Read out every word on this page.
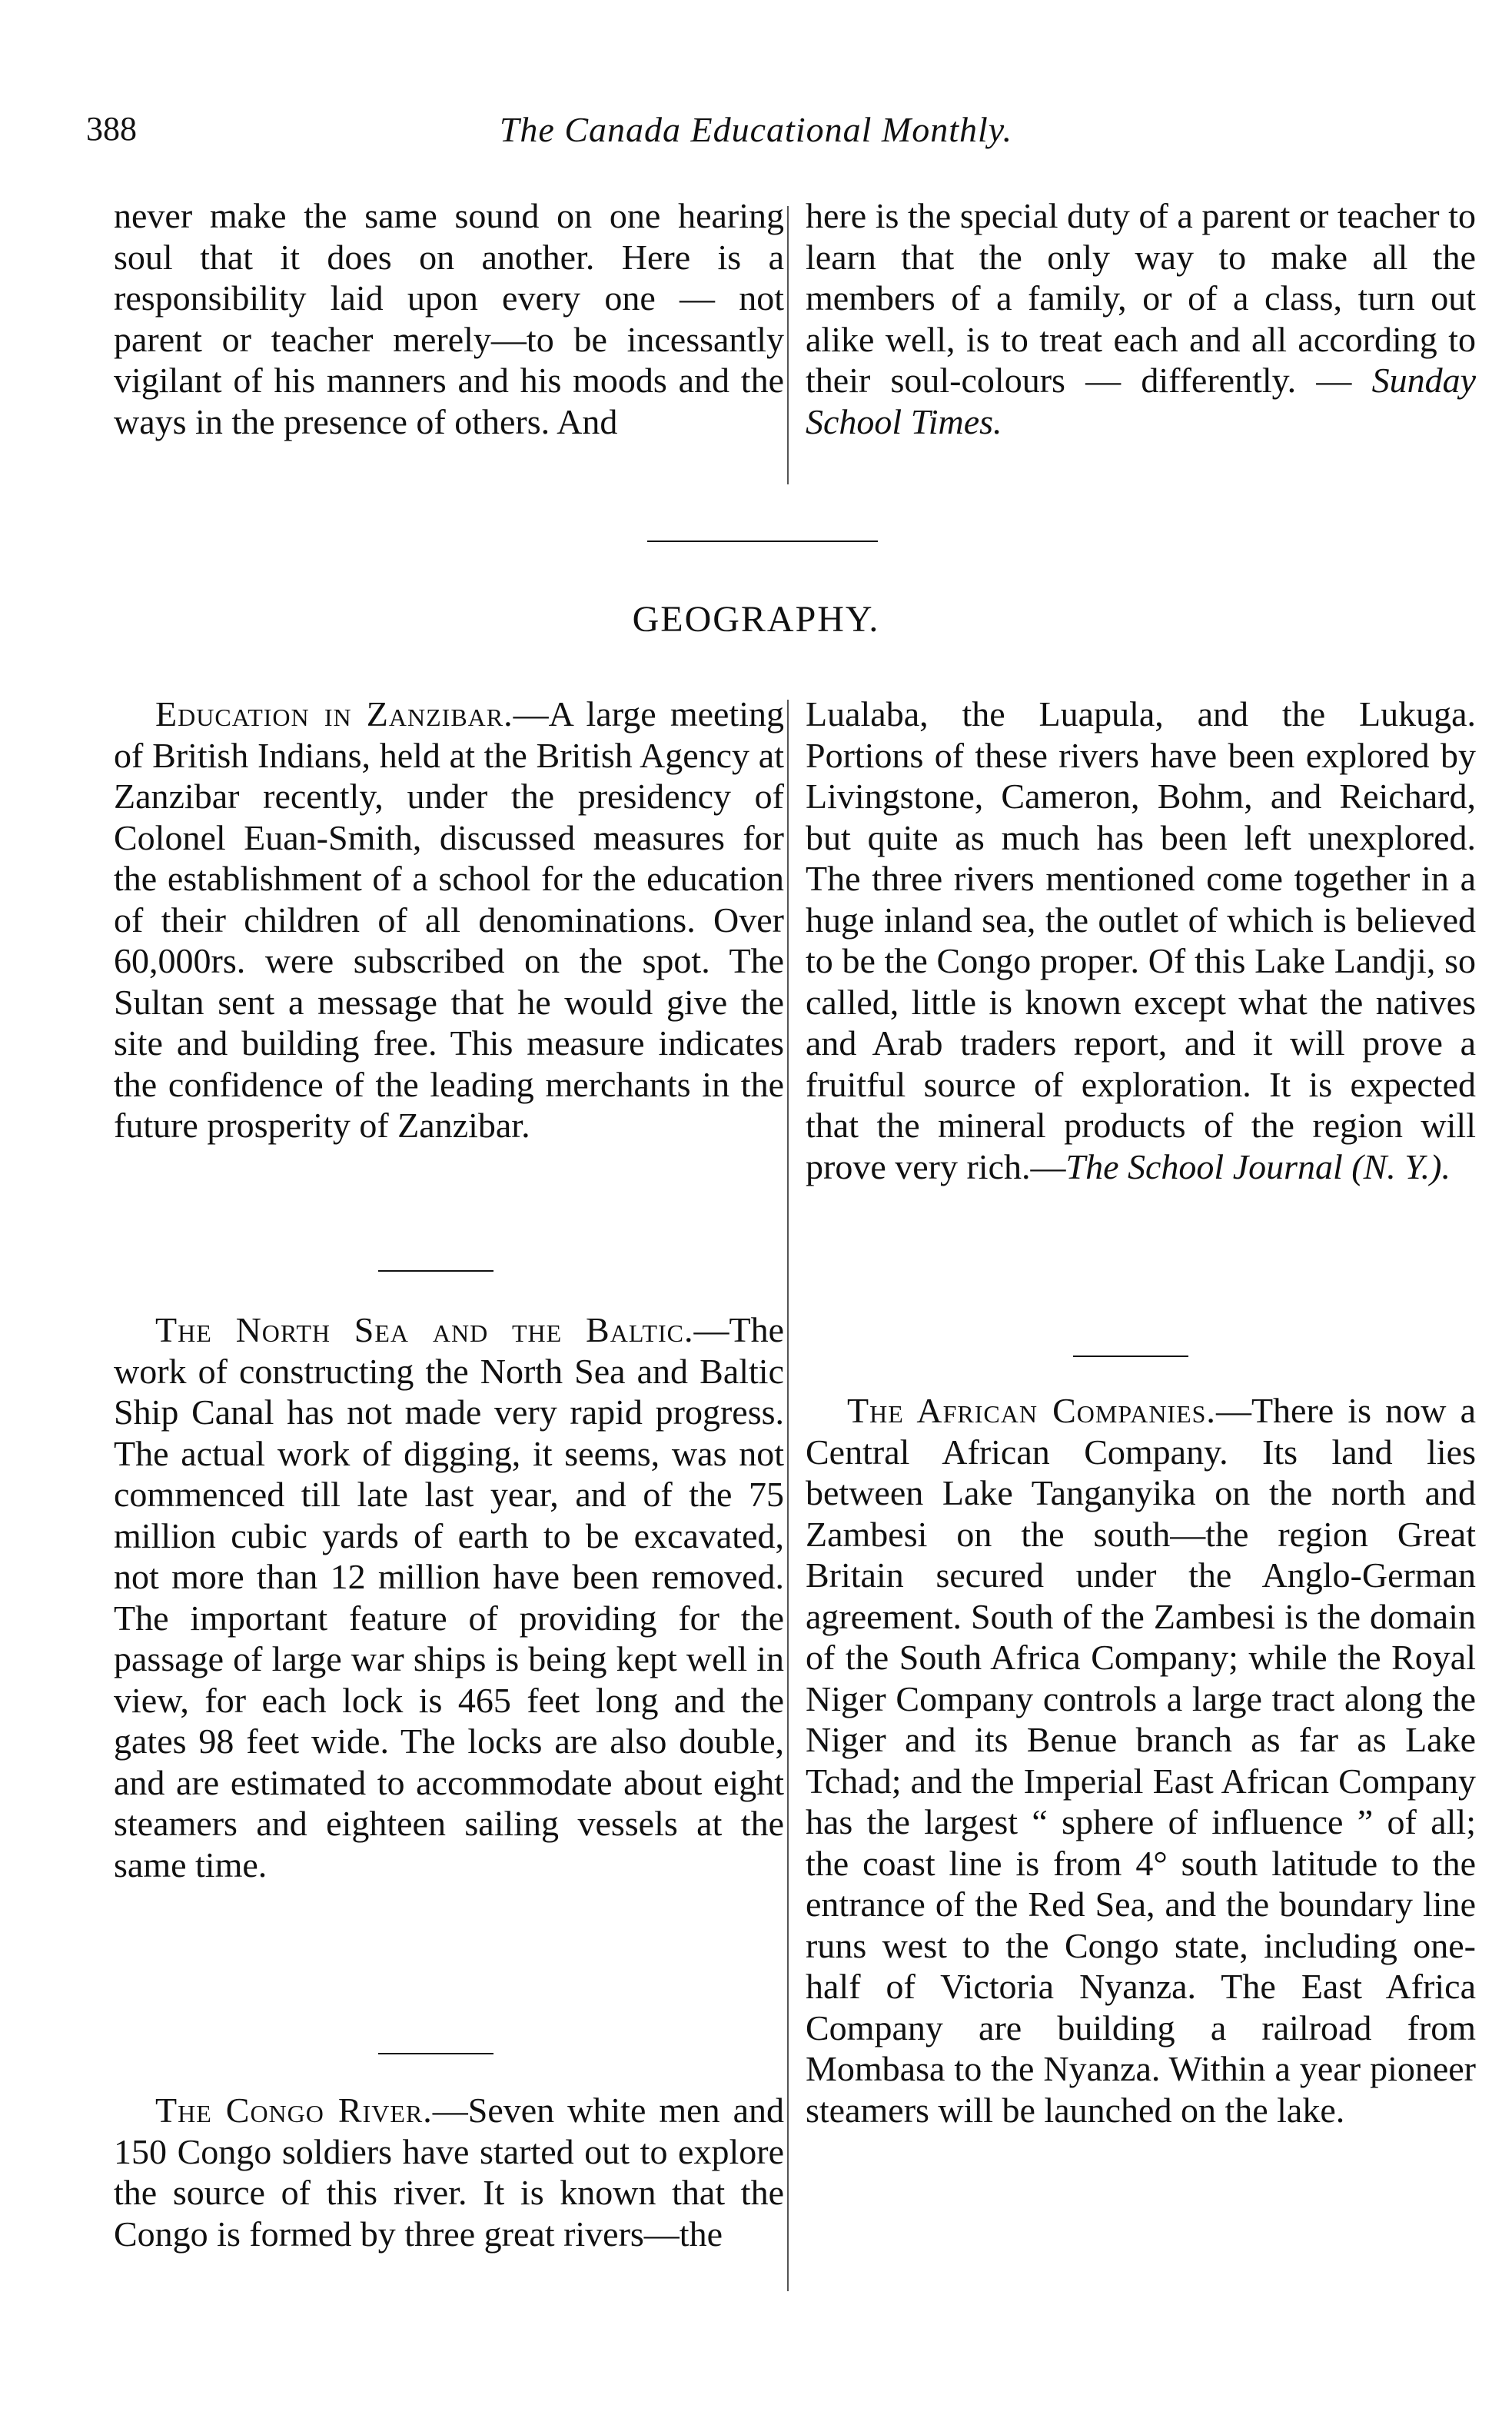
388	The Canada Educational Monthly.

never make the same sound on one hearing soul that it does on another. Here is a responsibility laid upon every one — not parent or teacher merely—to be incessantly vigilant of his manners and his moods and the ways in the presence of others. And

here is the special duty of a parent or teacher to learn that the only way to make all the members of a family, or of a class, turn out alike well, is to treat each and all according to their soul-colours — differently. — Sunday School Times.

GEOGRAPHY.

Education in Zanzibar.—A large meeting of British Indians, held at the British Agency at Zanzibar recently, under the presidency of Colonel Euan-Smith, discussed measures for the establishment of a school for the education of their children of all denominations. Over 60,000rs. were subscribed on the spot. The Sultan sent a message that he would give the site and building free. This measure indicates the confidence of the leading merchants in the future prosperity of Zanzibar.

The North Sea and the Baltic.—The work of constructing the North Sea and Baltic Ship Canal has not made very rapid progress. The actual work of digging, it seems, was not commenced till late last year, and of the 75 million cubic yards of earth to be excavated, not more than 12 million have been removed. The important feature of providing for the passage of large war ships is being kept well in view, for each lock is 465 feet long and the gates 98 feet wide. The locks are also double, and are estimated to accommodate about eight steamers and eighteen sailing vessels at the same time.

The Congo River.—Seven white men and 150 Congo soldiers have started out to explore the source of this river. It is known that the Congo is formed by three great rivers—the

Lualaba, the Luapula, and the Lukuga. Portions of these rivers have been explored by Livingstone, Cameron, Bohm, and Reichard, but quite as much has been left unexplored. The three rivers mentioned come together in a huge inland sea, the outlet of which is believed to be the Congo proper. Of this Lake Landji, so called, little is known except what the natives and Arab traders report, and it will prove a fruitful source of exploration. It is expected that the mineral products of the region will prove very rich.—The School Journal (N. Y.).

The African Companies.—There is now a Central African Company. Its land lies between Lake Tanganyika on the north and Zambesi on the south—the region Great Britain secured under the Anglo-German agreement. South of the Zambesi is the domain of the South Africa Company; while the Royal Niger Company controls a large tract along the Niger and its Benue branch as far as Lake Tchad; and the Imperial East African Company has the largest “ sphere of influence ” of all; the coast line is from 4° south latitude to the entrance of the Red Sea, and the boundary line runs west to the Congo state, including one-half of Victoria Nyanza. The East Africa Company are building a railroad from Mombasa to the Nyanza. Within a year pioneer steamers will be launched on the lake.
